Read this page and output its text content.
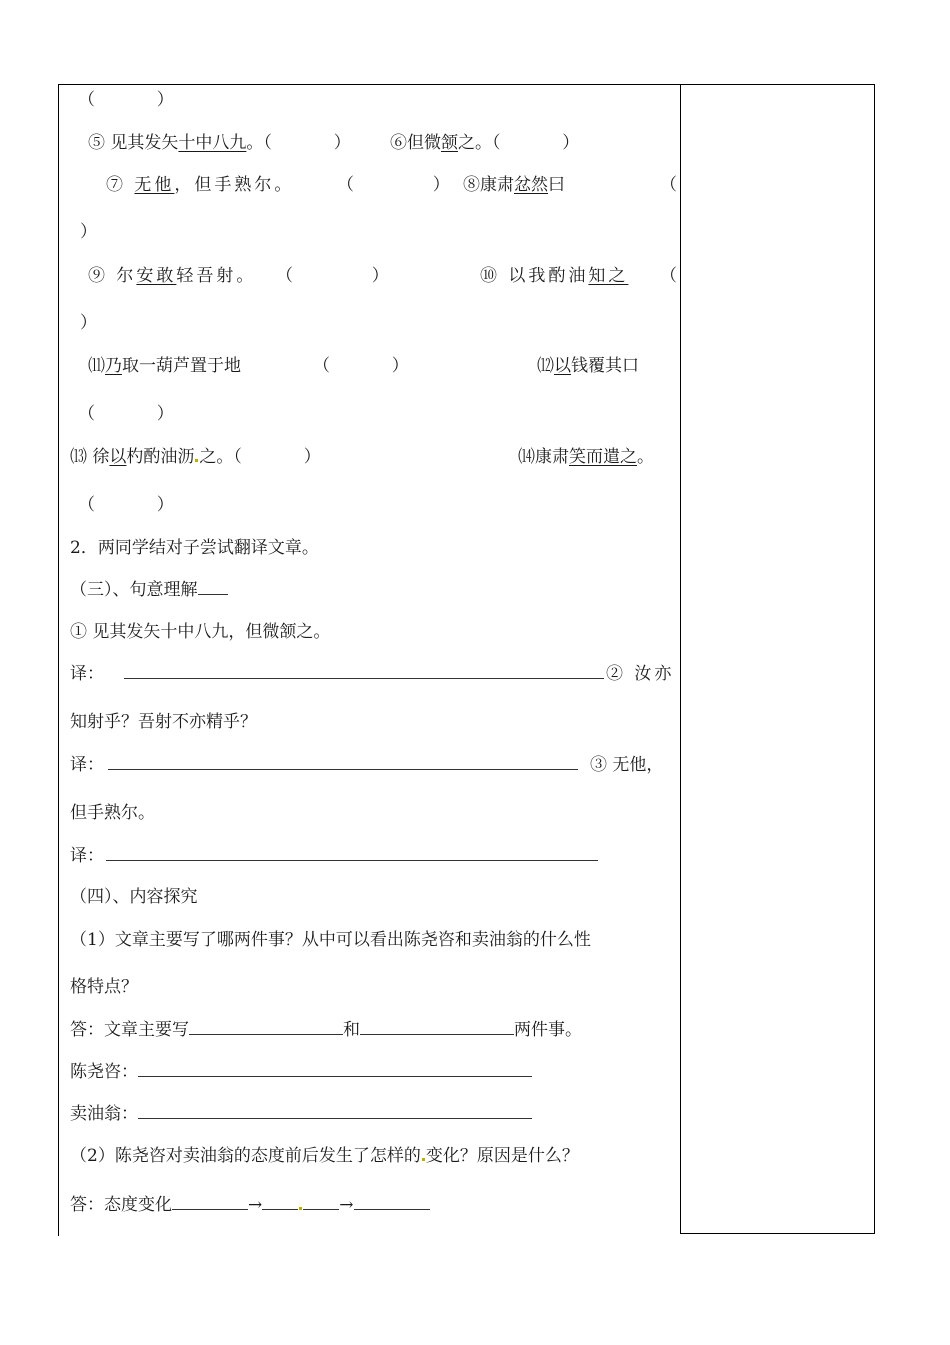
（ 　　　 ）
⑤ 见其发矢十中八九。（ 　　　 ） ⑥但微颔之。（ 　　　 ）
⑦ 无他，但手熟尔。	（ 　　　　 ） ⑧康肃忿然曰	（
）
⑨ 尔安敢轻吾射。 （ 　　　　 ）	⑩ 以我酌油知之 （
）
⑾乃取一葫芦置于地	（ 　　　 ）	⑿以钱覆其口
（ 　　　 ）
⒀ 徐以杓酌油沥 之。（ 　　　 ）	⒁康肃笑而遣之。
（ 　　　 ）
2．两同学结对子尝试翻译文章。
（三）、句意理解
① 见其发矢十中八九，但微颔之。
译：	② 汝亦
知射乎？吾射不亦精乎？
译：	③ 无他，
但手熟尔。
译：
（四）、内容探究
（1）文章主要写了哪两件事？从中可以看出陈尧咨和卖油翁的什么性
格特点？
答：文章主要写	和	两件事。
陈尧咨：
卖油翁：
（2）陈尧咨对卖油翁的态度前后发生了怎样的 变化？原因是什么？
答：态度变化	→	→
